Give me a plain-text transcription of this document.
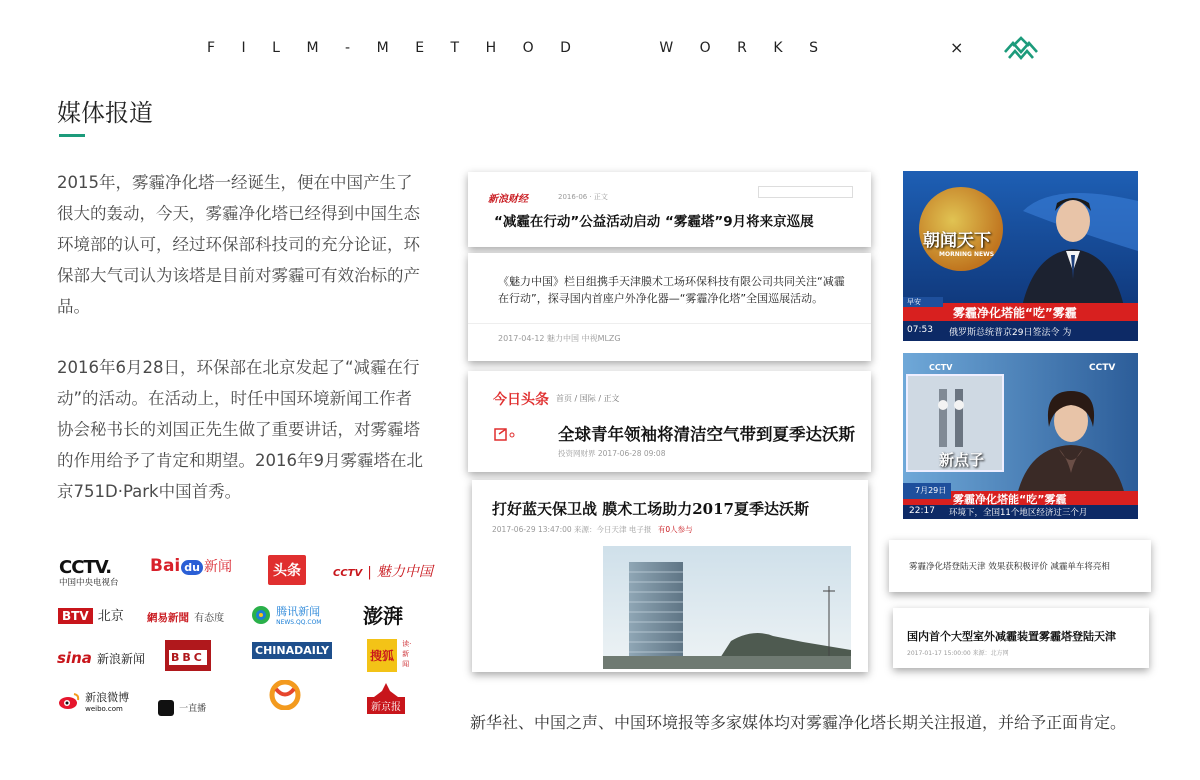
FILM-METHOD  WORKS	×
媒体报道

2015年，雾霾净化塔一经诞生，便在中国产生了很大的轰动，今天，雾霾净化塔已经得到中国生态环境部的认可，经过环保部科技司的充分论证，环保部大气司认为该塔是目前对雾霾可有效治标的产品。

2016年6月28日，环保部在北京发起了“减霾在行动”的活动。在活动上，时任中国环境新闻工作者协会秘书长的刘国正先生做了重要讲话，对雾霾塔的作用给予了肯定和期望。2016年9月雾霾塔在北京751D·Park中国首秀。

CCTV.
中国中央电视台
Bai du 新闻	头条	CCTV | 魅力中国
BTV 北京 網易新聞 有态度

腾讯新闻
NEWS.QQ.COM 澎湃
sina 新浪新闻	BBC
CHINADAILY	搜狐 读·新闻

新浪微博
weibo.com	一直播	新京报
新浪财经	2016-06 · 正文
“减霾在行动”公益活动启动 “雾霾塔”9月将来京巡展
《魅力中国》栏目组携手天津膜术工场环保科技有限公司共同关注“减霾在行动”，探寻国内首座户外净化器—“雾霾净化塔”全国巡展活动。
2017-04-12 魅力中国 中视MLZG
今日头条 首页 / 国际 / 正文
全球青年领袖将清洁空气带到夏季达沃斯
投资网财界 2017-06-28 09:08
打好蓝天保卫战 膜术工场助力2017夏季达沃斯
2017-06-29 13:47:00 来源：今日天津 电子报 有0人参与
朝闻天下
MORNING NEWS
早安
雾霾净化塔能“吃”雾霾
07:53 俄罗斯总统普京29日签法令 为
CCTV	CCTV
新点子
7月29日
雾霾净化塔能“吃”雾霾
22:17 环境下，全国11个地区经济过三个月
雾霾净化塔登陆天津 效果获积极评价 减霾单车将亮相
国内首个大型室外减霾装置雾霾塔登陆天津
2017-01-17 15:00:00 来源：北方网
新华社、中国之声、中国环境报等多家媒体均对雾霾净化塔长期关注报道，并给予正面肯定。
